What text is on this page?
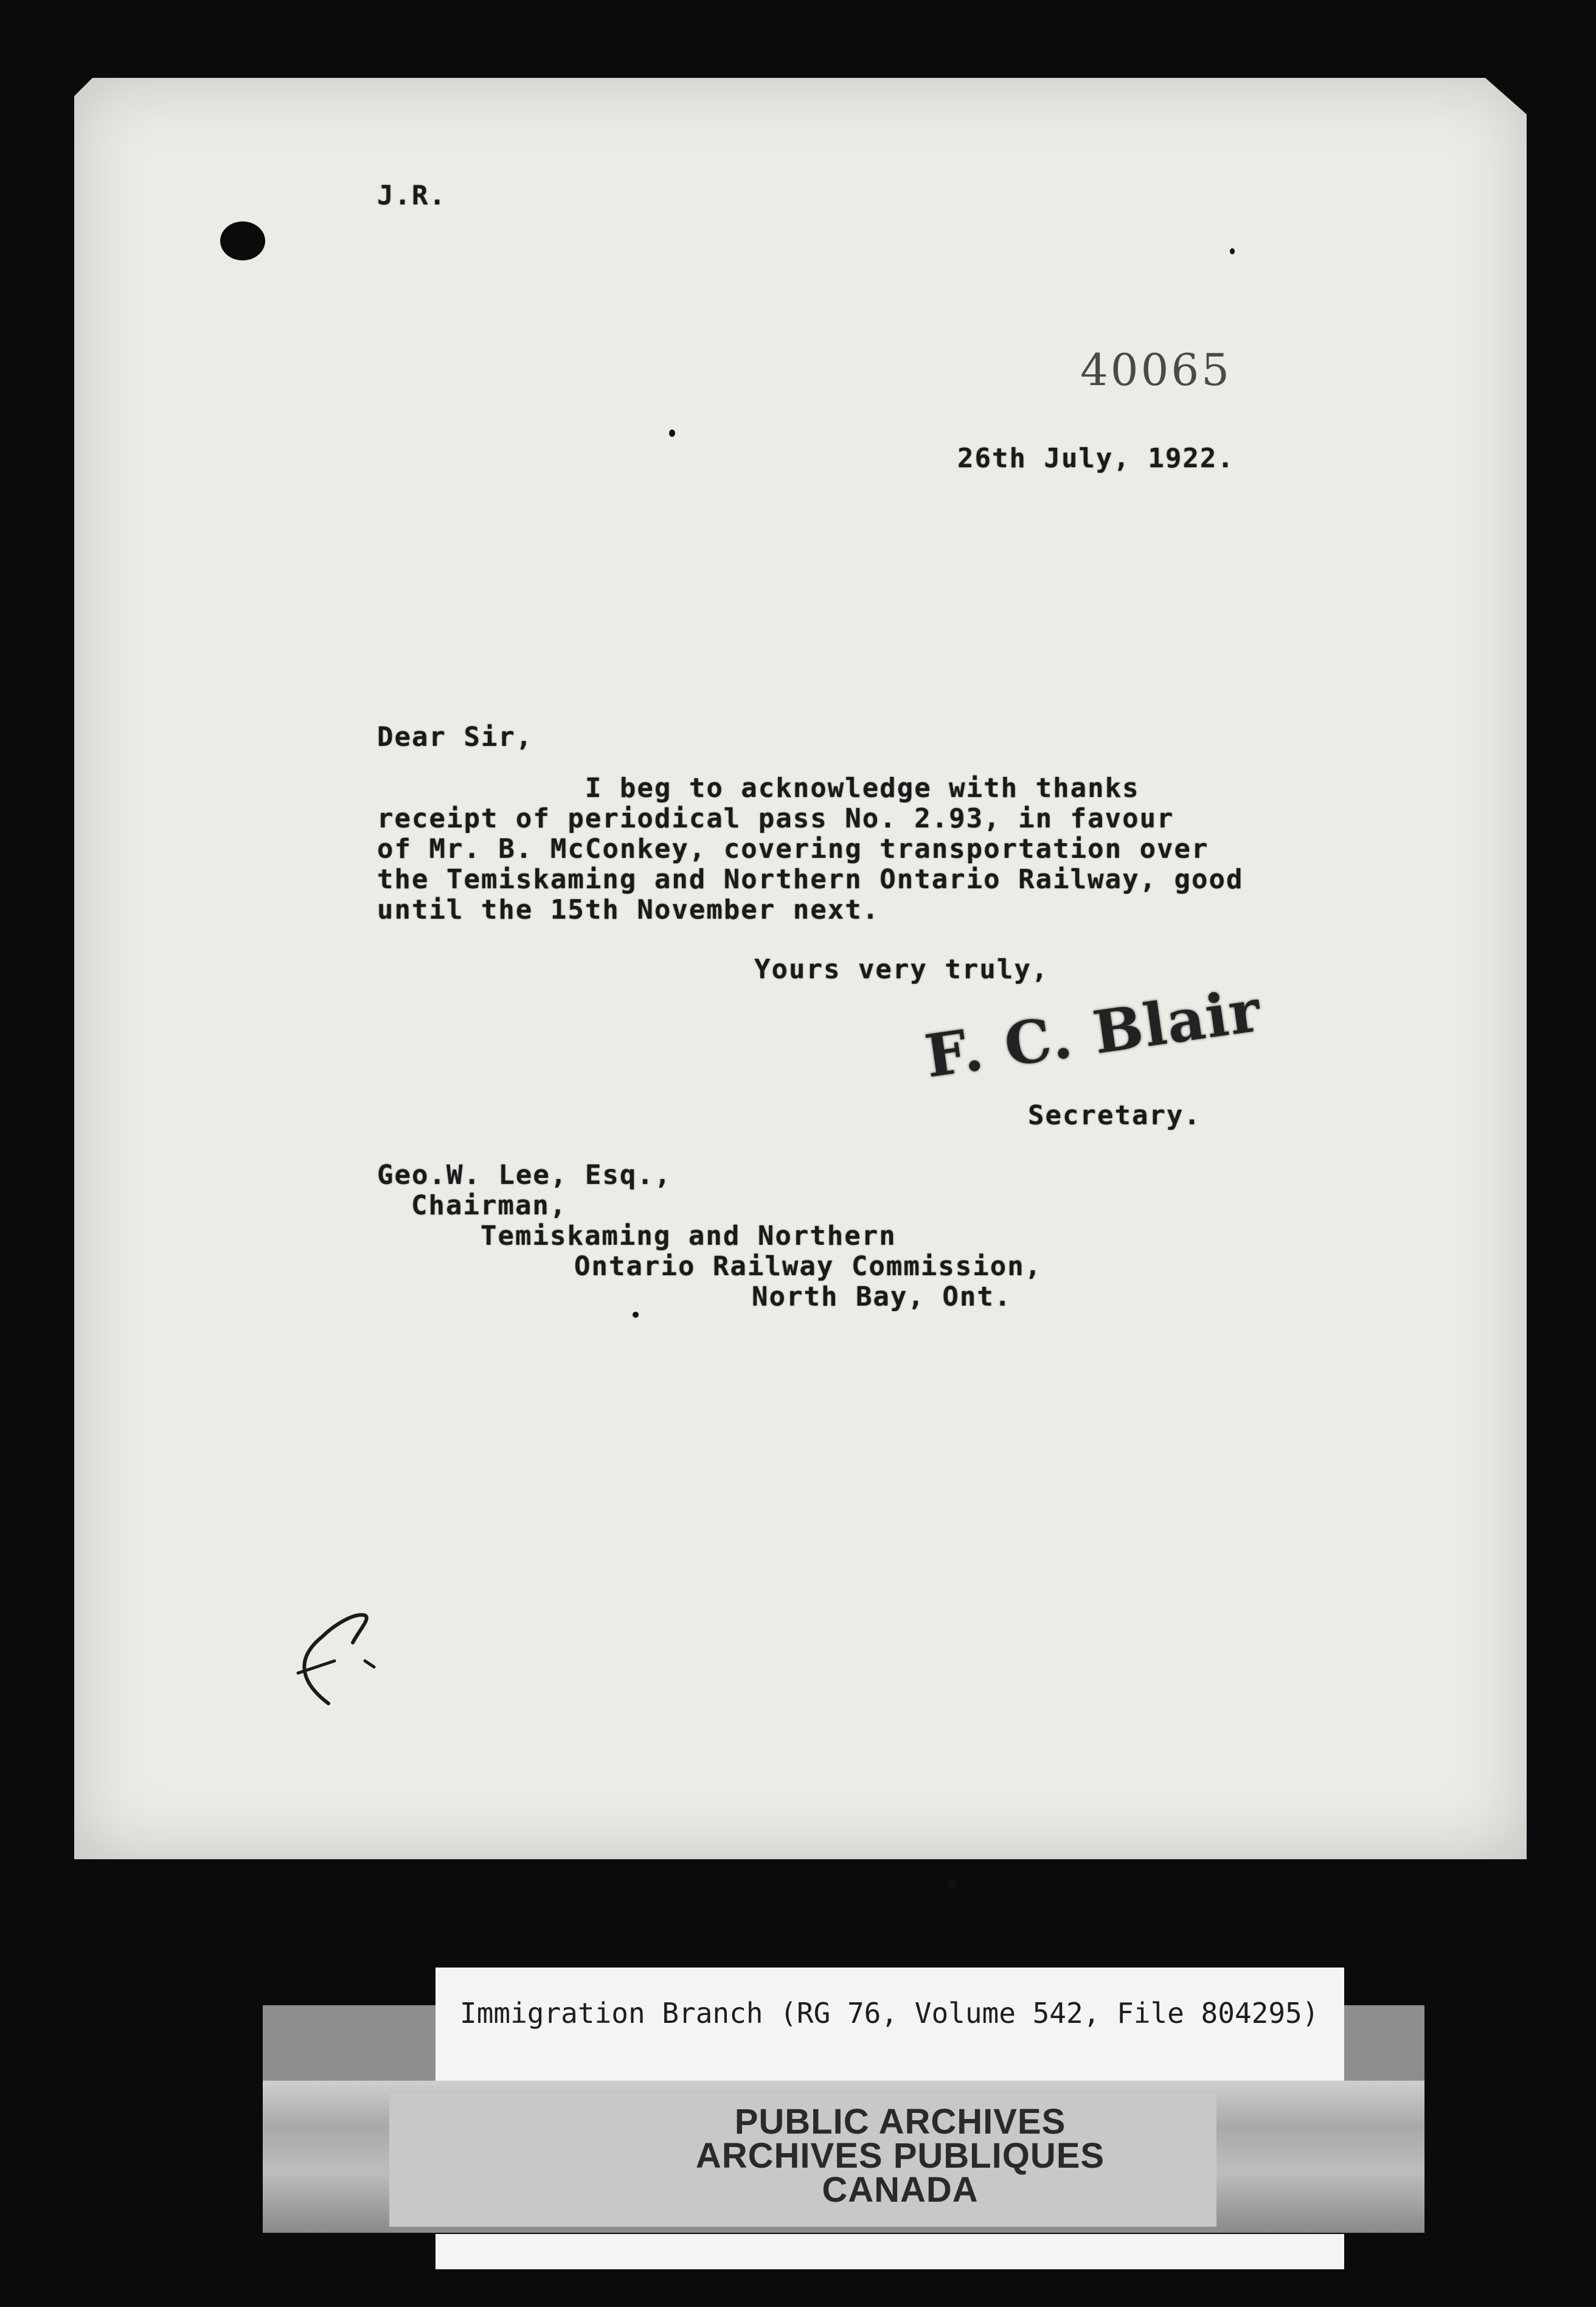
J.R.
40065
26th July, 1922.
Dear Sir,
I beg to acknowledge with thanks
receipt of periodical pass No. 2.93, in favour
of Mr. B. McConkey, covering transportation over
the Temiskaming and Northern Ontario Railway, good
until the 15th November next.
Yours very truly,
F. C. Blair
Secretary.
Geo.W. Lee, Esq.,
Chairman,
Temiskaming and Northern
Ontario Railway Commission,
North Bay, Ont.
Immigration Branch (RG 76, Volume 542, File 804295)
PUBLIC ARCHIVES
ARCHIVES PUBLIQUES
CANADA
